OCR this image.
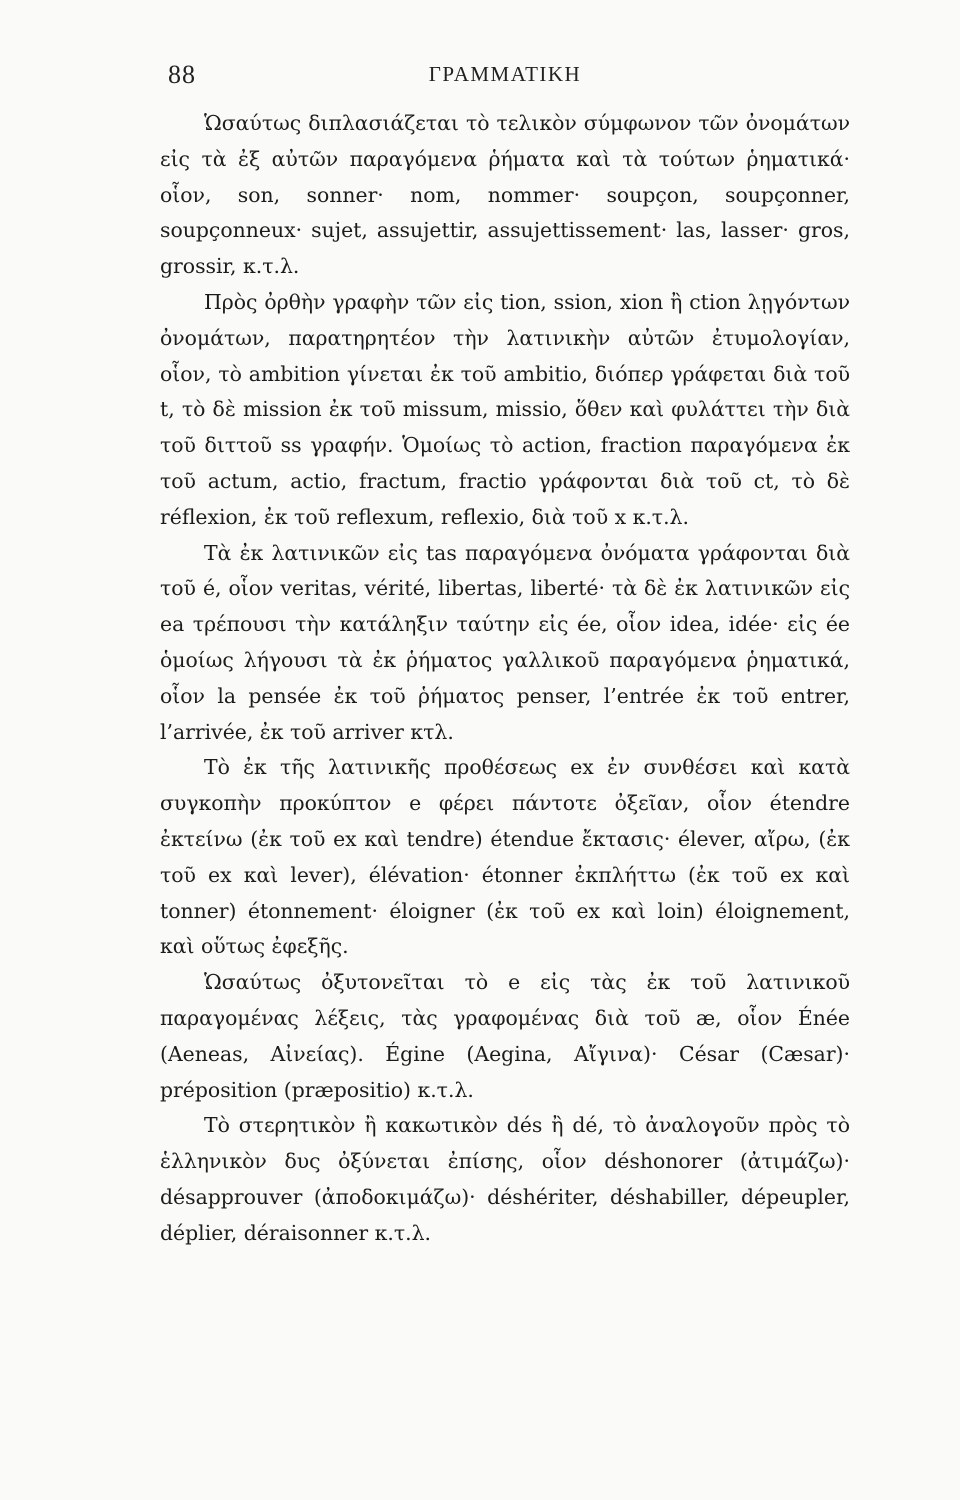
88	ΓΡΑΜΜΑΤΙΚΗ

Ὡσαύτως διπλασιάζεται τὸ τελικὸν σύμφωνον τῶν ὀνομάτων εἰς τὰ ἐξ αὐτῶν παραγόμενα ῥήματα καὶ τὰ τούτων ῥηματικά· οἷον, son, sonner· nom, nommer· soupçon, soupçonner, soupçonneux· sujet, assujettir, assujettissement· las, lasser· gros, grossir, κ.τ.λ.

Πρὸς ὀρθὴν γραφὴν τῶν εἰς tion, ssion, xion ἢ ction λῃγόντων ὀνομάτων, παρατηρητέον τὴν λατινικὴν αὐτῶν ἐτυμολογίαν, οἷον, τὸ ambition γίνεται ἐκ τοῦ ambitio, διόπερ γράφεται διὰ τοῦ t, τὸ δὲ mission ἐκ τοῦ missum, missio, ὅθεν καὶ φυλάττει τὴν διὰ τοῦ διττοῦ ss γραφήν. Ὁμοίως τὸ action, fraction παραγόμενα ἐκ τοῦ actum, actio, fractum, fractio γράφονται διὰ τοῦ ct, τὸ δὲ réflexion, ἐκ τοῦ reflexum, reflexio, διὰ τοῦ x κ.τ.λ.

Τὰ ἐκ λατινικῶν εἰς tas παραγόμενα ὀνόματα γράφονται διὰ τοῦ é, οἷον veritas, vérité, libertas, liberté· τὰ δὲ ἐκ λατινικῶν εἰς ea τρέπουσι τὴν κατάληξιν ταύτην εἰς ée, οἷον idea, idée· εἰς ée ὁμοίως λήγουσι τὰ ἐκ ῥήματος γαλλικοῦ παραγόμενα ῥηματικά, οἷον la pensée ἐκ τοῦ ῥήματος penser, l’entrée ἐκ τοῦ entrer, l’arrivée, ἐκ τοῦ arriver κτλ.

Τὸ ἐκ τῆς λατινικῆς προθέσεως ex ἐν συνθέσει καὶ κατὰ συγκοπὴν προκύπτον e φέρει πάντοτε ὀξεῖαν, οἷον étendre ἐκτείνω (ἐκ τοῦ ex καὶ tendre) étendue ἔκτασις· élever, αἴρω, (ἐκ τοῦ ex καὶ lever), élévation· étonner ἐκπλήττω (ἐκ τοῦ ex καὶ tonner) étonnement· éloigner (ἐκ τοῦ ex καὶ loin) éloignement, καὶ οὕτως ἐφεξῆς.

Ὡσαύτως ὀξυτονεῖται τὸ e εἰς τὰς ἐκ τοῦ λατινικοῦ παραγομένας λέξεις, τὰς γραφομένας διὰ τοῦ æ, οἷον Énée (Aeneas, Αἰνείας). Égine (Aegina, Αἴγινα)· César (Cæsar)· préposition (præpositio) κ.τ.λ.

Τὸ στερητικὸν ἢ κακωτικὸν dés ἢ dé, τὸ ἀναλογοῦν πρὸς τὸ ἑλληνικὸν δυς ὀξύνεται ἐπίσης, οἷον déshonorer (ἀτιμάζω)· désapprouver (ἀποδοκιμάζω)· déshériter, déshabiller, dépeupler, déplier, déraisonner κ.τ.λ.
